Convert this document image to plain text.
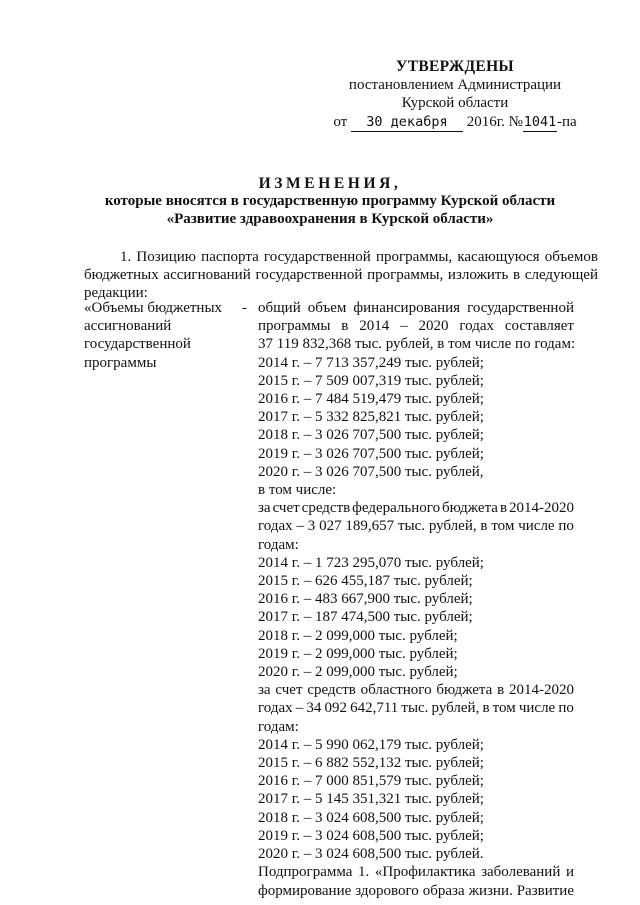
УТВЕРЖДЕНЫ
постановлением Администрации
Курской области
от 30 декабря 2016г. №1041-па
ИЗМЕНЕНИЯ,
которые вносятся в государственную программу Курской области
«Развитие здравоохранения в Курской области»
1. Позицию паспорта государственной программы, касающуюся объемов бюджетных ассигнований государственной программы, изложить в следующей редакции:
«Объемы бюджетных
ассигнований
государственной
программы
- общий объем финансирования государственной
программы в 2014 – 2020 годах составляет
37 119 832,368 тыс. рублей, в том числе по годам:
2014 г. – 7 713 357,249 тыс. рублей;
2015 г. – 7 509 007,319 тыс. рублей;
2016 г. – 7 484 519,479 тыс. рублей;
2017 г. – 5 332 825,821 тыс. рублей;
2018 г. – 3 026 707,500 тыс. рублей;
2019 г. – 3 026 707,500 тыс. рублей;
2020 г. – 3 026 707,500 тыс. рублей,
в том числе:
за счет средств федерального бюджета в 2014-2020
годах – 3 027 189,657 тыс. рублей, в том числе по
годам:
2014 г. – 1 723 295,070 тыс. рублей;
2015 г. – 626 455,187 тыс. рублей;
2016 г. – 483 667,900 тыс. рублей;
2017 г. – 187 474,500 тыс. рублей;
2018 г. – 2 099,000 тыс. рублей;
2019 г. – 2 099,000 тыс. рублей;
2020 г. – 2 099,000 тыс. рублей;
за счет средств областного бюджета в 2014-2020
годах – 34 092 642,711 тыс. рублей, в том числе по
годам:
2014 г. – 5 990 062,179 тыс. рублей;
2015 г. – 6 882 552,132 тыс. рублей;
2016 г. – 7 000 851,579 тыс. рублей;
2017 г. – 5 145 351,321 тыс. рублей;
2018 г. – 3 024 608,500 тыс. рублей;
2019 г. – 3 024 608,500 тыс. рублей;
2020 г. – 3 024 608,500 тыс. рублей.
Подпрограмма 1. «Профилактика заболеваний и
формирование здорового образа жизни. Развитие
